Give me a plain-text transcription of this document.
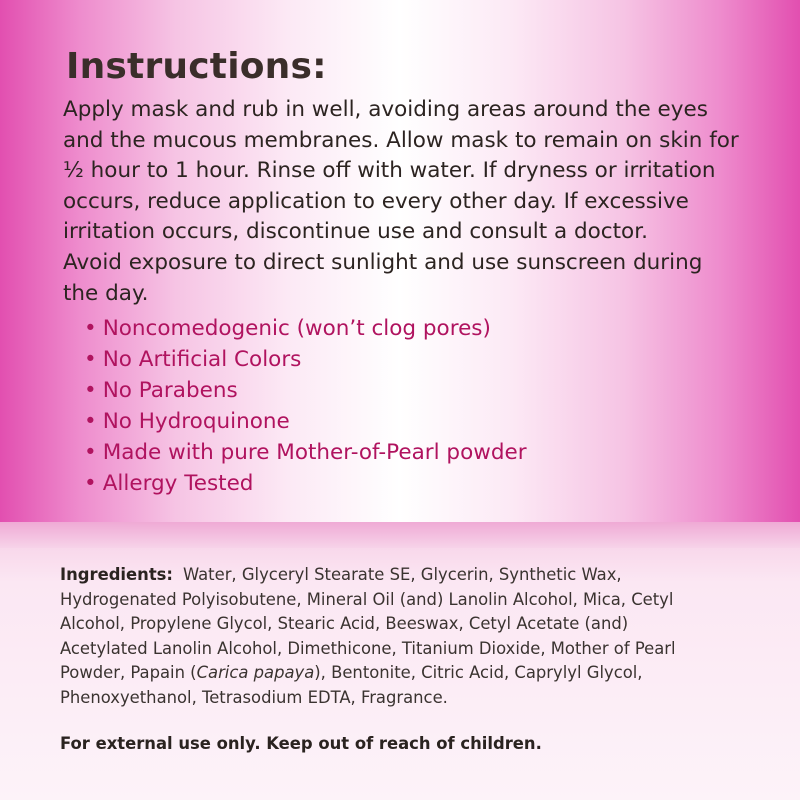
Instructions:

Apply mask and rub in well, avoiding areas around the eyes
and the mucous membranes. Allow mask to remain on skin for
½ hour to 1 hour. Rinse off with water. If dryness or irritation
occurs, reduce application to every other day. If excessive
irritation occurs, discontinue use and consult a doctor.
Avoid exposure to direct sunlight and use sunscreen during
the day.

• Noncomedogenic (won’t clog pores)
• No Artificial Colors
• No Parabens
• No Hydroquinone
• Made with pure Mother-of-Pearl powder
• Allergy Tested

Ingredients: Water, Glyceryl Stearate SE, Glycerin, Synthetic Wax,
Hydrogenated Polyisobutene, Mineral Oil (and) Lanolin Alcohol, Mica, Cetyl
Alcohol, Propylene Glycol, Stearic Acid, Beeswax, Cetyl Acetate (and)
Acetylated Lanolin Alcohol, Dimethicone, Titanium Dioxide, Mother of Pearl
Powder, Papain (Carica papaya), Bentonite, Citric Acid, Caprylyl Glycol,
Phenoxyethanol, Tetrasodium EDTA, Fragrance.

For external use only. Keep out of reach of children.
